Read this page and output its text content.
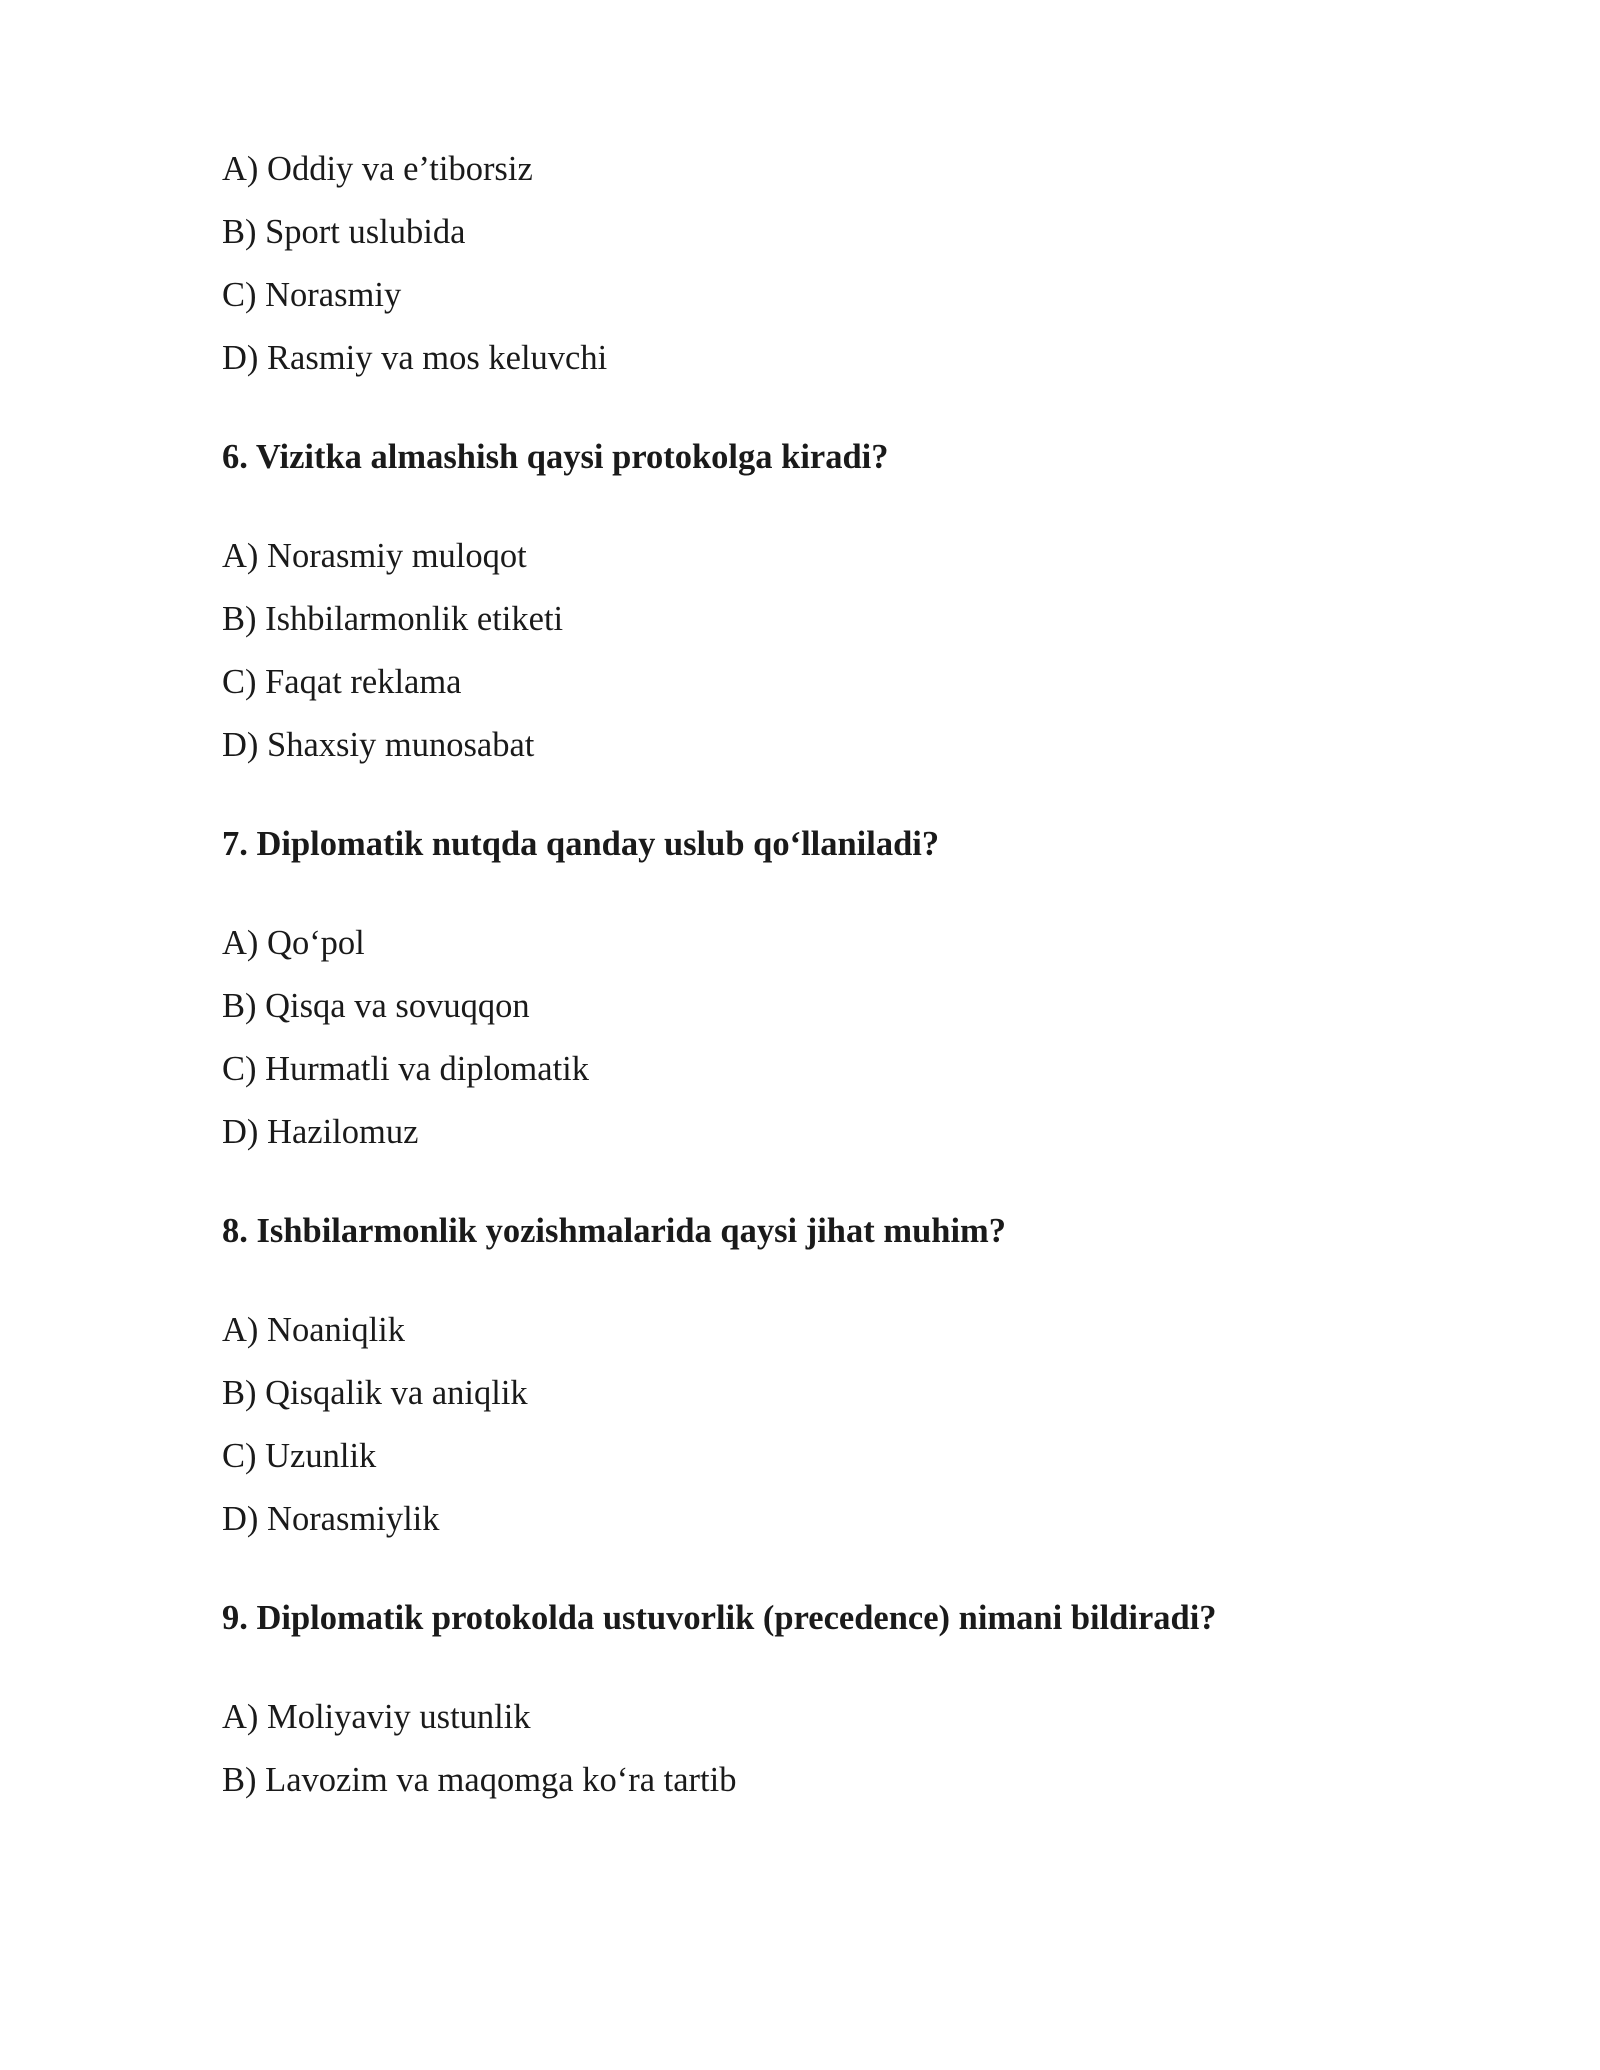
A) Oddiy va e’tiborsiz
B) Sport uslubida
C) Norasmiy
D) Rasmiy va mos keluvchi
6. Vizitka almashish qaysi protokolga kiradi?
A) Norasmiy muloqot
B) Ishbilarmonlik etiketi
C) Faqat reklama
D) Shaxsiy munosabat
7. Diplomatik nutqda qanday uslub qo‘llaniladi?
A) Qo‘pol
B) Qisqa va sovuqqon
C) Hurmatli va diplomatik
D) Hazilomuz
8. Ishbilarmonlik yozishmalarida qaysi jihat muhim?
A) Noaniqlik
B) Qisqalik va aniqlik
C) Uzunlik
D) Norasmiylik
9. Diplomatik protokolda ustuvorlik (precedence) nimani bildiradi?
A) Moliyaviy ustunlik
B) Lavozim va maqomga ko‘ra tartib
